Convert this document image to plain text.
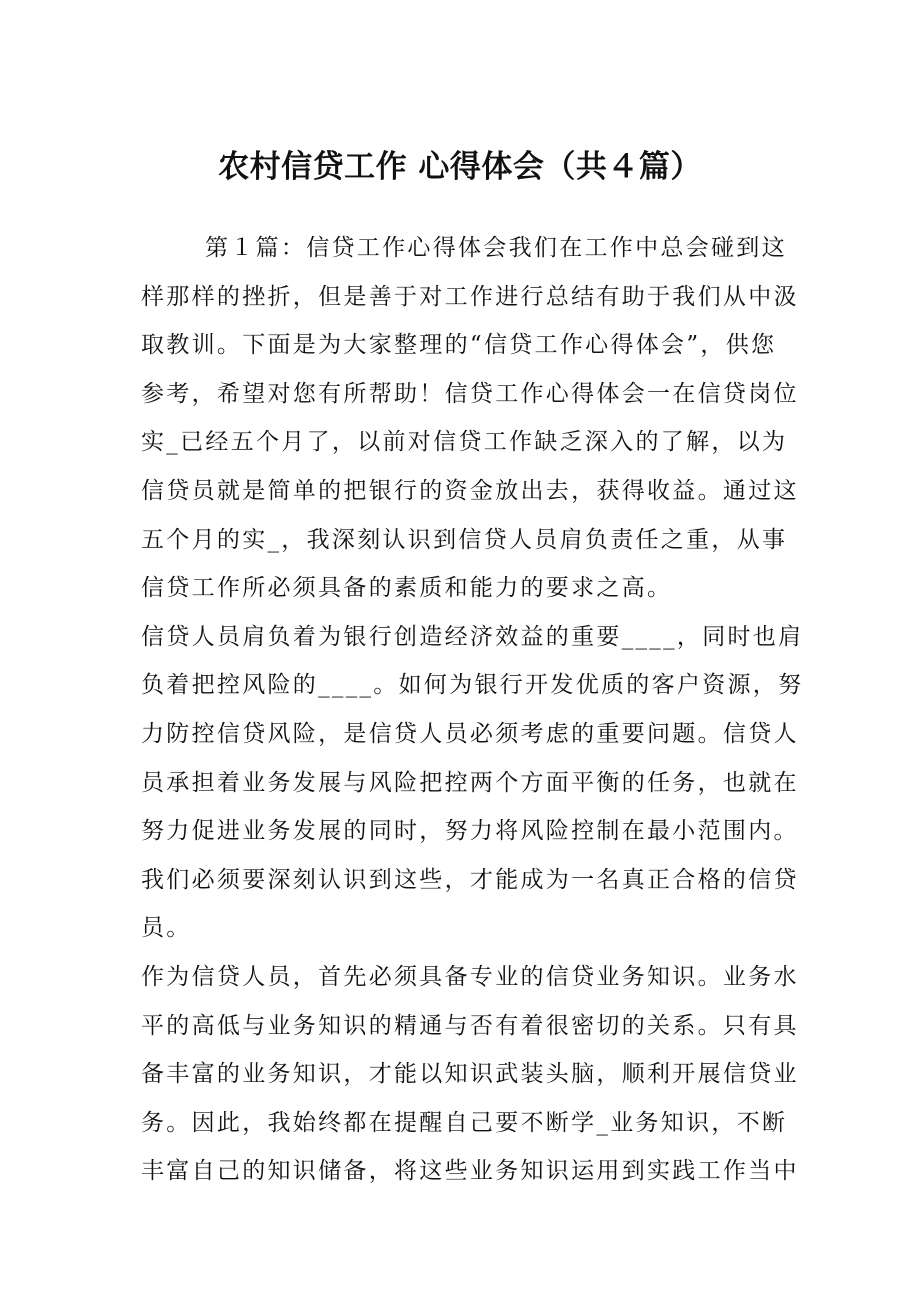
农村信贷工作 心得体会（共４篇）

第１篇：信贷工作心得体会我们在工作中总会碰到这

样那样的挫折，但是善于对工作进行总结有助于我们从中汲

取教训。下面是为大家整理的“信贷工作心得体会”，供您

参考，希望对您有所帮助！信贷工作心得体会一在信贷岗位

实_已经五个月了，以前对信贷工作缺乏深入的了解，以为

信贷员就是简单的把银行的资金放出去，获得收益。通过这

五个月的实_，我深刻认识到信贷人员肩负责任之重，从事

信贷工作所必须具备的素质和能力的要求之高。

信贷人员肩负着为银行创造经济效益的重要____，同时也肩

负着把控风险的____。如何为银行开发优质的客户资源，努

力防控信贷风险，是信贷人员必须考虑的重要问题。信贷人

员承担着业务发展与风险把控两个方面平衡的任务，也就在

努力促进业务发展的同时，努力将风险控制在最小范围内。

我们必须要深刻认识到这些，才能成为一名真正合格的信贷

员。

作为信贷人员，首先必须具备专业的信贷业务知识。业务水

平的高低与业务知识的精通与否有着很密切的关系。只有具

备丰富的业务知识，才能以知识武装头脑，顺利开展信贷业

务。因此，我始终都在提醒自己要不断学_业务知识，不断

丰富自己的知识储备，将这些业务知识运用到实践工作当中
